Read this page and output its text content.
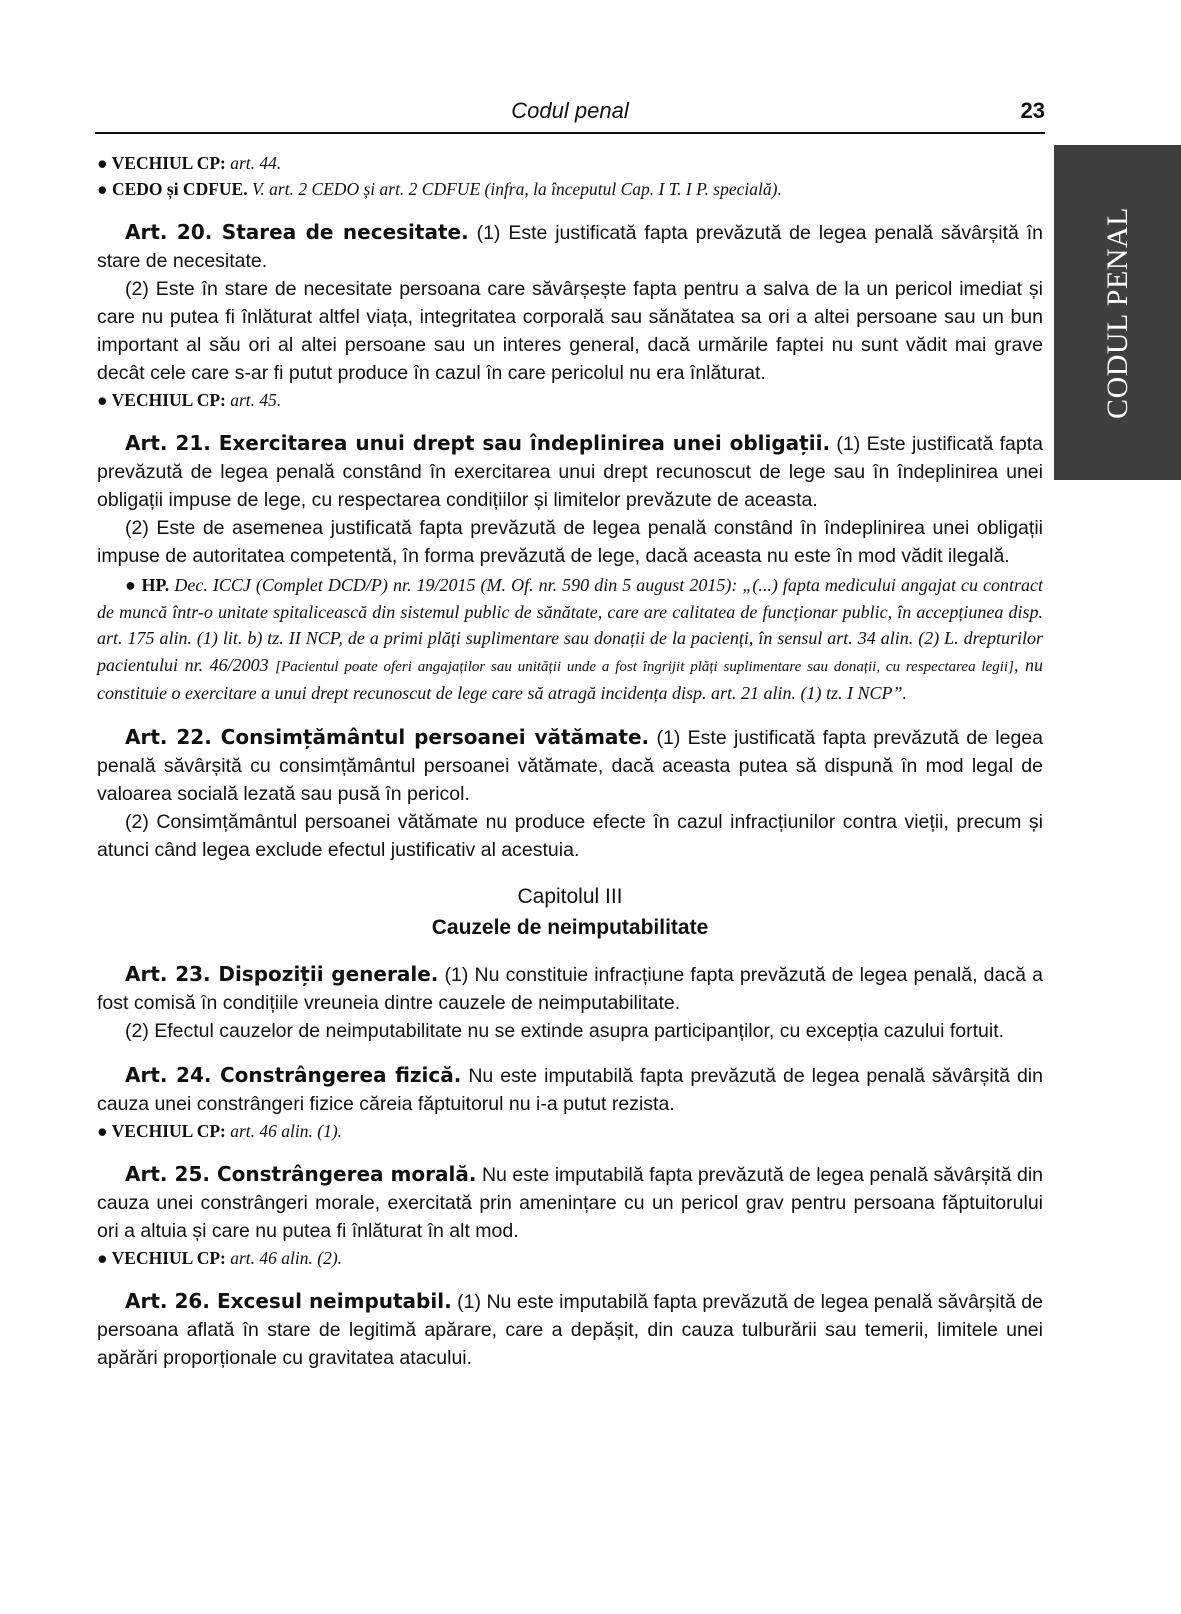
Codul penal	23
CODUL PENAL

● VECHIUL CP: art. 44.

● CEDO și CDFUE. V. art. 2 CEDO și art. 2 CDFUE (infra, la începutul Cap. I T. I P. specială).

Art. 20. Starea de necesitate. (1) Este justificată fapta prevăzută de legea penală săvârșită în stare de necesitate.

(2) Este în stare de necesitate persoana care săvârșește fapta pentru a salva de la un pericol imediat și care nu putea fi înlăturat altfel viața, integritatea corporală sau sănătatea sa ori a altei persoane sau un bun important al său ori al altei persoane sau un interes general, dacă urmările faptei nu sunt vădit mai grave decât cele care s-ar fi putut produce în cazul în care pericolul nu era înlăturat.

● VECHIUL CP: art. 45.

Art. 21. Exercitarea unui drept sau îndeplinirea unei obligații. (1) Este justificată fapta prevăzută de legea penală constând în exercitarea unui drept recunoscut de lege sau în îndeplinirea unei obligații impuse de lege, cu respectarea condițiilor și limitelor prevăzute de aceasta.

(2) Este de asemenea justificată fapta prevăzută de legea penală constând în îndeplinirea unei obligații impuse de autoritatea competentă, în forma prevăzută de lege, dacă aceasta nu este în mod vădit ilegală.

● HP. Dec. ICCJ (Complet DCD/P) nr. 19/2015 (M. Of. nr. 590 din 5 august 2015): „(...) fapta medicului angajat cu contract de muncă într-o unitate spitalicească din sistemul public de sănătate, care are calitatea de funcționar public, în accepțiunea disp. art. 175 alin. (1) lit. b) tz. II NCP, de a primi plăți suplimentare sau donații de la pacienți, în sensul art. 34 alin. (2) L. drepturilor pacientului nr. 46/2003 [Pacientul poate oferi angajaților sau unității unde a fost îngrijit plăți suplimentare sau donații, cu respectarea legii], nu constituie o exercitare a unui drept recunoscut de lege care să atragă incidența disp. art. 21 alin. (1) tz. I NCP”.

Art. 22. Consimțământul persoanei vătămate. (1) Este justificată fapta prevăzută de legea penală săvârșită cu consimțământul persoanei vătămate, dacă aceasta putea să dispună în mod legal de valoarea socială lezată sau pusă în pericol.

(2) Consimțământul persoanei vătămate nu produce efecte în cazul infracțiunilor contra vieții, precum și atunci când legea exclude efectul justificativ al acestuia.

Capitolul III
Cauzele de neimputabilitate

Art. 23. Dispoziții generale. (1) Nu constituie infracțiune fapta prevăzută de legea penală, dacă a fost comisă în condițiile vreuneia dintre cauzele de neimputabilitate.

(2) Efectul cauzelor de neimputabilitate nu se extinde asupra participanților, cu excepția cazului fortuit.

Art. 24. Constrângerea fizică. Nu este imputabilă fapta prevăzută de legea penală săvârșită din cauza unei constrângeri fizice căreia făptuitorul nu i-a putut rezista.

● VECHIUL CP: art. 46 alin. (1).

Art. 25. Constrângerea morală. Nu este imputabilă fapta prevăzută de legea penală săvârșită din cauza unei constrângeri morale, exercitată prin amenințare cu un pericol grav pentru persoana făptuitorului ori a altuia și care nu putea fi înlăturat în alt mod.

● VECHIUL CP: art. 46 alin. (2).

Art. 26. Excesul neimputabil. (1) Nu este imputabilă fapta prevăzută de legea penală săvârșită de persoana aflată în stare de legitimă apărare, care a depășit, din cauza tulburării sau temerii, limitele unei apărări proporționale cu gravitatea atacului.
